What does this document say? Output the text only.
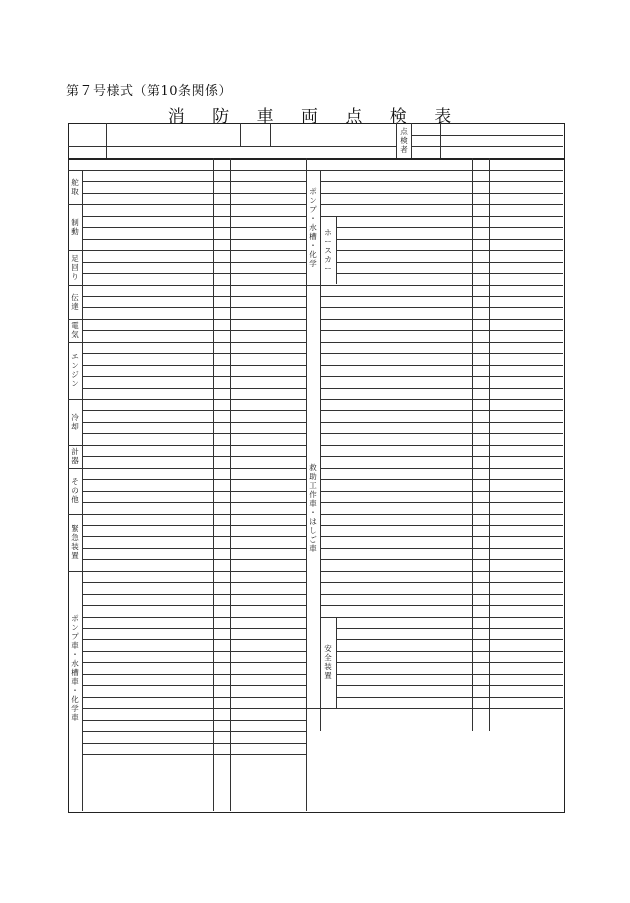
第７号様式（第10条関係）
消 防 車 両 点 検 表
点
検
者
舵
取
制
動
足
回
り
伝
達
電
気
エ
ン
ジ
ン
冷
却
計
器
そ
の
他
緊
急
装
置
ポ
ン
プ
車
・
水
槽
車
・
化
学
車
ポ
ン
プ
・
水
槽
・
化
学
ホ
ー
ス
カ
ー
救
助
工
作
車
・
は
し
ご
車
安
全
装
置
